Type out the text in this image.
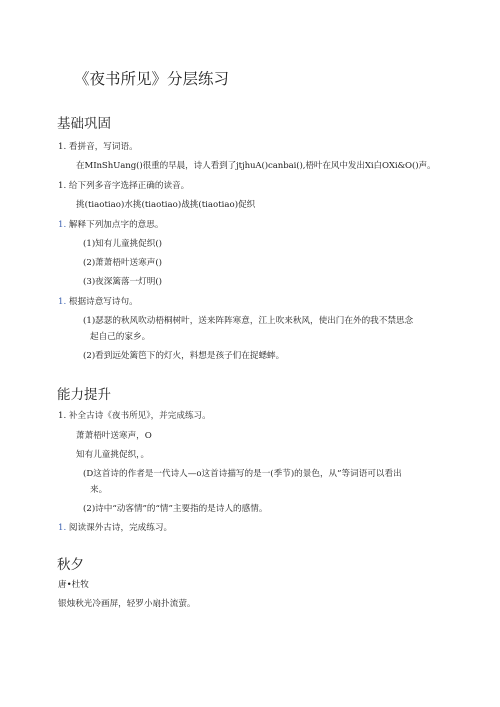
《夜书所见》分层练习
基础巩固
1. 看拼音，写词语。
在MInShUang()很重的早晨，诗人看到了jtjhuA()canbai(),梧叶在风中发出Xi白OXi&O()声。
1. 给下列多音字选择正确的读音。
挑(tiaotiao)水挑(tiaotiao)战挑(tiaotiao)促织
1. 解释下列加点字的意思。
(1)知有儿童挑促织()
(2)萧萧梧叶送寒声()
(3)夜深篱落一灯明()
1. 根据诗意写诗句。
(1)瑟瑟的秋风吹动梧桐树叶，送来阵阵寒意，江上吹来秋风，使出门在外的我不禁思念
起自己的家乡。
(2)看到远处篱笆下的灯火，料想是孩子们在捉蟋蟀。
能力提升
1. 补全古诗《夜书所见》，并完成练习。
萧萧梧叶送寒声，O
知有儿童挑促织，。
(D这首诗的作者是一代诗人—o这首诗描写的是一(季节)的景色，从”等词语可以看出
来。
(2)诗中“动客情”的“情”主要指的是诗人的感情。
1. 阅读课外古诗，完成练习。
秋夕
唐•杜牧
银烛秋光冷画屏，轻罗小扇扑流萤。
